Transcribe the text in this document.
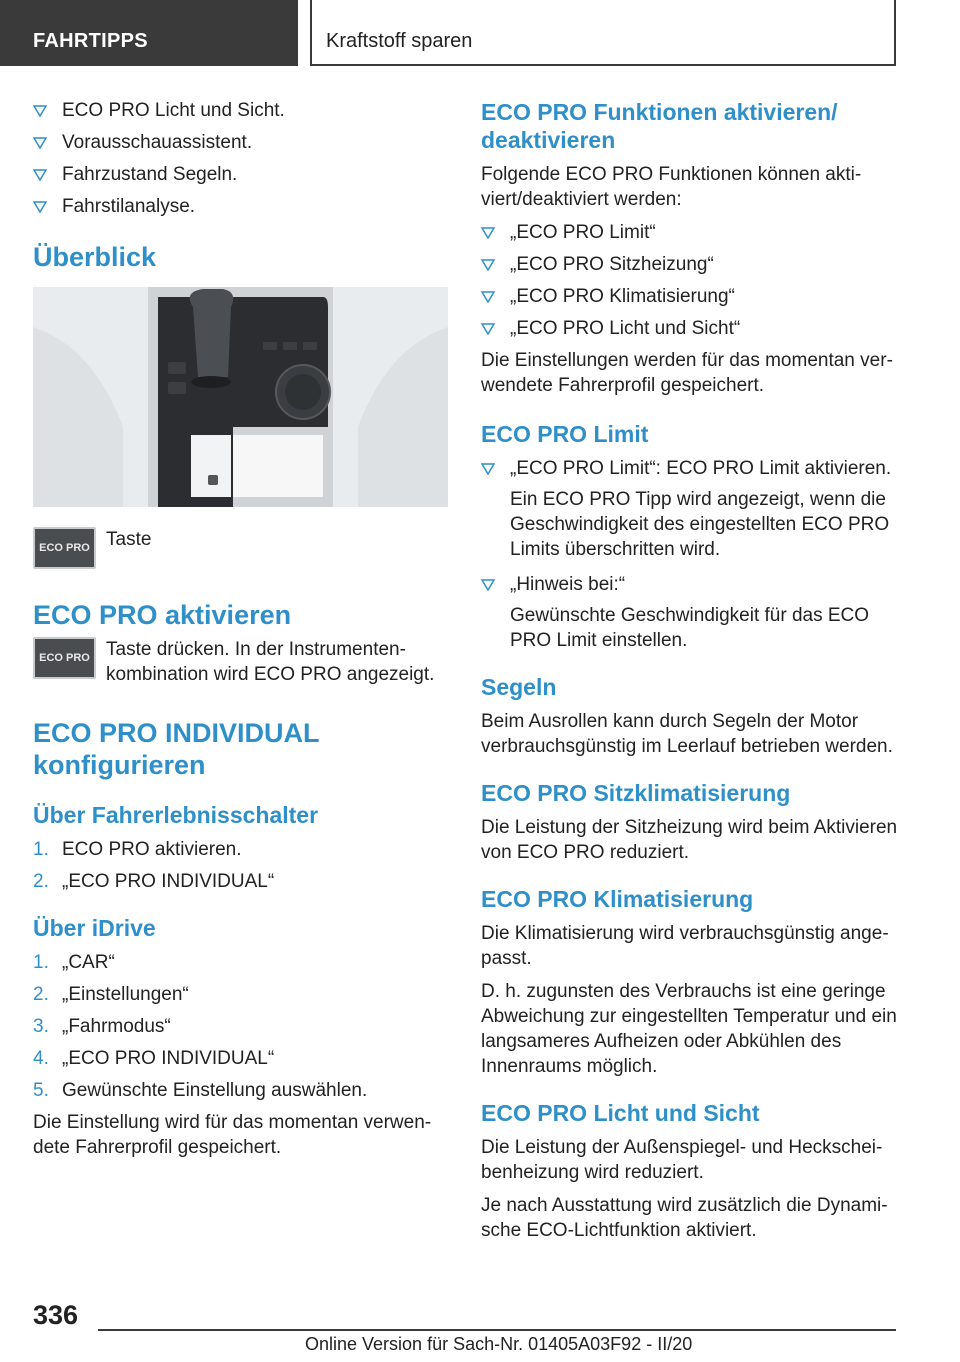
FAHRTIPPS	Kraftstoff sparen
ECO PRO Licht und Sicht.
Vorausschauassistent.
Fahrzustand Segeln.
Fahrstilanalyse.
Überblick
ECO PRO Taste
ECO PRO aktivieren
ECO PRO Taste drücken. In der Instrumentenkombination wird ECO PRO angezeigt.
ECO PRO INDIVIDUAL konfigurieren
Über Fahrerlebnisschalter
1. ECO PRO aktivieren.
2. „ECO PRO INDIVIDUAL“
Über iDrive
1. „CAR“
2. „Einstellungen“
3. „Fahrmodus“
4. „ECO PRO INDIVIDUAL“
5. Gewünschte Einstellung auswählen.

Die Einstellung wird für das momentan verwendete Fahrerprofil gespeichert.

ECO PRO Funktionen aktivieren/ deaktivieren

Folgende ECO PRO Funktionen können aktiviert/deaktiviert werden:

„ECO PRO Limit“
„ECO PRO Sitzheizung“
„ECO PRO Klimatisierung“
„ECO PRO Licht und Sicht“

Die Einstellungen werden für das momentan verwendete Fahrerprofil gespeichert.

ECO PRO Limit
„ECO PRO Limit“: ECO PRO Limit aktivieren.
Ein ECO PRO Tipp wird angezeigt, wenn die Geschwindigkeit des eingestellten ECO PRO Limits überschritten wird.
„Hinweis bei:“
Gewünschte Geschwindigkeit für das ECO PRO Limit einstellen.
Segeln

Beim Ausrollen kann durch Segeln der Motor verbrauchsgünstig im Leerlauf betrieben werden.

ECO PRO Sitzklimatisierung

Die Leistung der Sitzheizung wird beim Aktivieren von ECO PRO reduziert.

ECO PRO Klimatisierung

Die Klimatisierung wird verbrauchsgünstig angepasst.

D. h. zugunsten des Verbrauchs ist eine geringe Abweichung zur eingestellten Temperatur und ein langsameres Aufheizen oder Abkühlen des Innenraums möglich.

ECO PRO Licht und Sicht

Die Leistung der Außenspiegel- und Heckscheibenheizung wird reduziert.

Je nach Ausstattung wird zusätzlich die Dynamische ECO-Lichtfunktion aktiviert.

336
Online Version für Sach-Nr. 01405A03F92 - II/20
